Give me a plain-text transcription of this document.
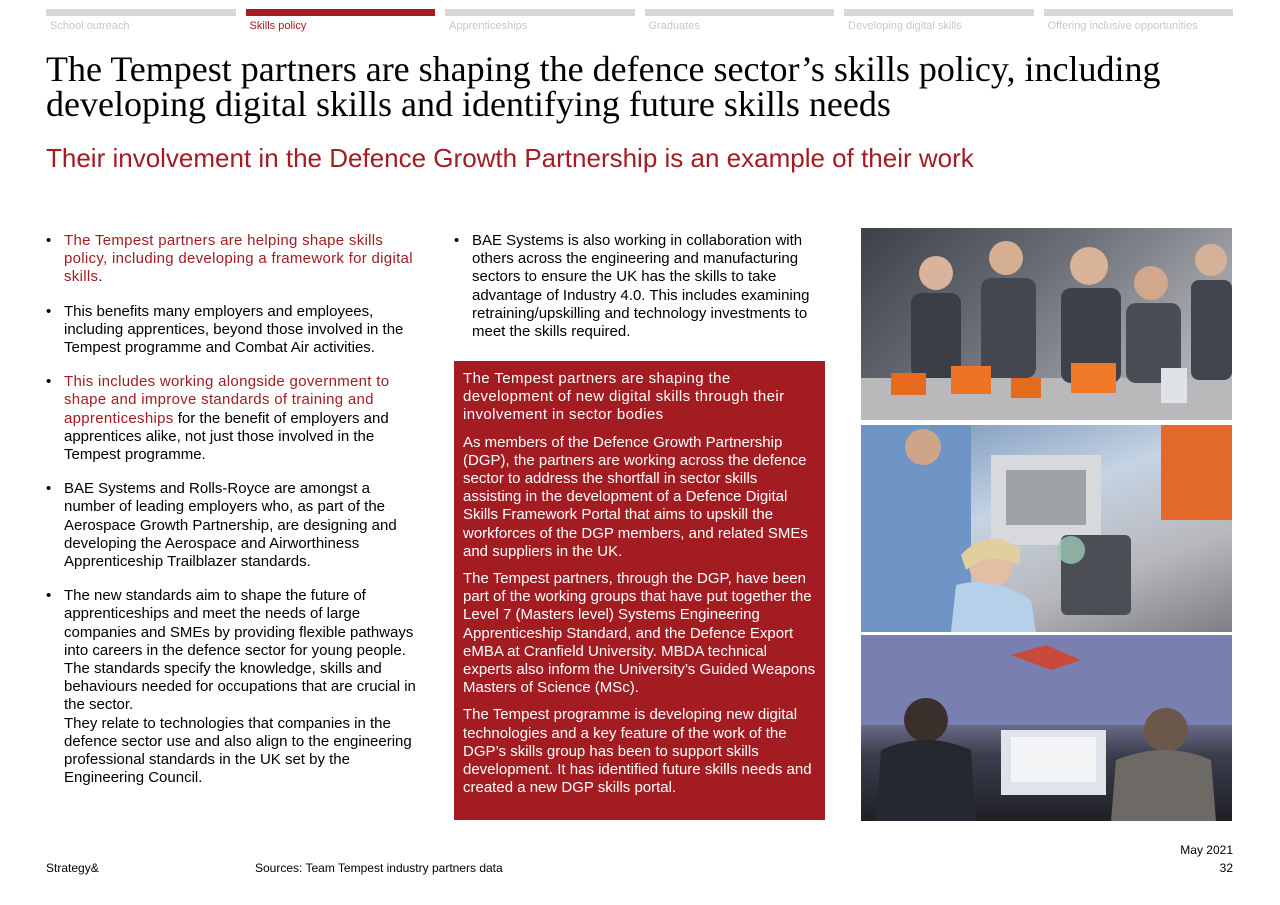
School outreach	Skills policy	Apprenticeships	Graduates	Developing digital skills	Offering inclusive opportunities
The Tempest partners are shaping the defence sector’s skills policy, including developing digital skills and identifying future skills needs
Their involvement in the Defence Growth Partnership is an example of their work
• The Tempest partners are helping shape skills policy, including developing a framework for digital skills.
• This benefits many employers and employees, including apprentices, beyond those involved in the Tempest programme and Combat Air activities.
• This includes working alongside government to shape and improve standards of training and apprenticeships for the benefit of employers and apprentices alike, not just those involved in the Tempest programme.
• BAE Systems and Rolls-Royce are amongst a number of leading employers who, as part of the Aerospace Growth Partnership, are designing and developing the Aerospace and Airworthiness Apprenticeship Trailblazer standards.
• The new standards aim to shape the future of apprenticeships and meet the needs of large companies and SMEs by providing flexible pathways into careers in the defence sector for young people. The standards specify the knowledge, skills and behaviours needed for occupations that are crucial in the sector.
They relate to technologies that companies in the defence sector use and also align to the engineering professional standards in the UK set by the Engineering Council.
• BAE Systems is also working in collaboration with others across the engineering and manufacturing sectors to ensure the UK has the skills to take advantage of Industry 4.0. This includes examining retraining/upskilling and technology investments to meet the skills required.

The Tempest partners are shaping the development of new digital skills through their involvement in sector bodies

As members of the Defence Growth Partnership (DGP), the partners are working across the defence sector to address the shortfall in sector skills assisting in the development of a Defence Digital Skills Framework Portal that aims to upskill the workforces of the DGP members, and related SMEs and suppliers in the UK.

The Tempest partners, through the DGP, have been part of the working groups that have put together the Level 7 (Masters level) Systems Engineering Apprenticeship Standard, and the Defence Export eMBA at Cranfield University. MBDA technical experts also inform the University’s Guided Weapons Masters of Science (MSc).

The Tempest programme is developing new digital technologies and a key feature of the work of the DGP’s skills group has been to support skills development. It has identified future skills needs and created a new DGP skills portal.

Strategy&	Sources: Team Tempest industry partners data
May 2021
32
